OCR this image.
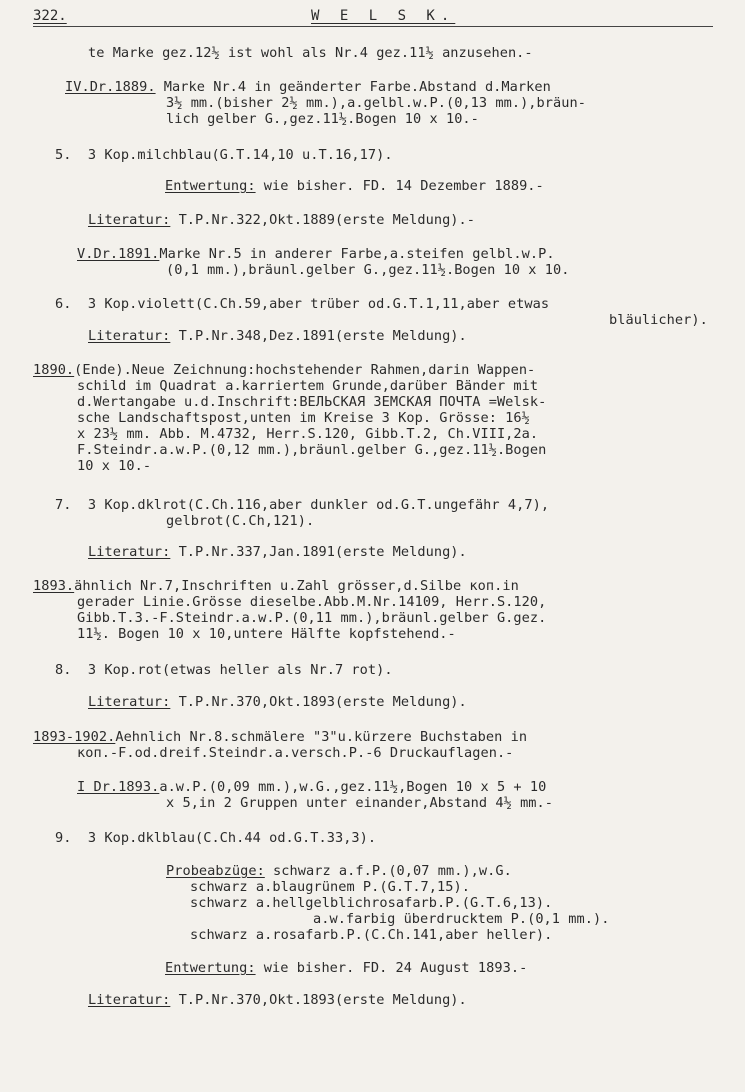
322.	W E L S K.
te Marke gez.12½ ist wohl als Nr.4 gez.11½ anzusehen.-
IV.Dr.1889. Marke Nr.4 in geänderter Farbe.Abstand d.Marken
3½ mm.(bisher 2½ mm.),a.gelbl.w.P.(0,13 mm.),bräun-
lich gelber G.,gez.11½.Bogen 10 x 10.-
5.  3 Kop.milchblau(G.T.14,10 u.T.16,17).
Entwertung: wie bisher. FD. 14 Dezember 1889.-
Literatur: T.P.Nr.322,Okt.1889(erste Meldung).-
V.Dr.1891.Marke Nr.5 in anderer Farbe,a.steifen gelbl.w.P.
(0,1 mm.),bräunl.gelber G.,gez.11½.Bogen 10 x 10.
6.  3 Kop.violett(C.Ch.59,aber trüber od.G.T.1,11,aber etwas
bläulicher).
Literatur: T.P.Nr.348,Dez.1891(erste Meldung).
1890.(Ende).Neue Zeichnung:hochstehender Rahmen,darin Wappen-
schild im Quadrat a.karriertem Grunde,darüber Bänder mit
d.Wertangabe u.d.Inschrift:ВЕЛЬСКАЯ ЗЕМСКАЯ ПОЧТА =Welsk-
sche Landschaftspost,unten im Kreise 3 Kop. Grösse: 16½
x 23½ mm. Abb. M.4732, Herr.S.120, Gibb.T.2, Ch.VIII,2a.
F.Steindr.a.w.P.(0,12 mm.),bräunl.gelber G.,gez.11½.Bogen
10 x 10.-
7.  3 Kop.dklrot(C.Ch.116,aber dunkler od.G.T.ungefähr 4,7),
gelbrot(C.Ch,121).
Literatur: T.P.Nr.337,Jan.1891(erste Meldung).
1893.ähnlich Nr.7,Inschriften u.Zahl grösser,d.Silbe коп.in
gerader Linie.Grösse dieselbe.Abb.M.Nr.14109, Herr.S.120,
Gibb.T.3.-F.Steindr.a.w.P.(0,11 mm.),bräunl.gelber G.gez.
11½. Bogen 10 x 10,untere Hälfte kopfstehend.-
8.  3 Kop.rot(etwas heller als Nr.7 rot).
Literatur: T.P.Nr.370,Okt.1893(erste Meldung).
1893-1902.Aehnlich Nr.8.schmälere "3"u.kürzere Buchstaben in
коп.-F.od.dreif.Steindr.a.versch.P.-6 Druckauflagen.-
I Dr.1893.a.w.P.(0,09 mm.),w.G.,gez.11½,Bogen 10 x 5 + 10
x 5,in 2 Gruppen unter einander,Abstand 4½ mm.-
9.  3 Kop.dklblau(C.Ch.44 od.G.T.33,3).
Probeabzüge: schwarz a.f.P.(0,07 mm.),w.G.
schwarz a.blaugrünem P.(G.T.7,15).
schwarz a.hellgelblichrosafarb.P.(G.T.6,13).
a.w.farbig überdrucktem P.(0,1 mm.).
schwarz a.rosafarb.P.(C.Ch.141,aber heller).
Entwertung: wie bisher. FD. 24 August 1893.-
Literatur: T.P.Nr.370,Okt.1893(erste Meldung).
